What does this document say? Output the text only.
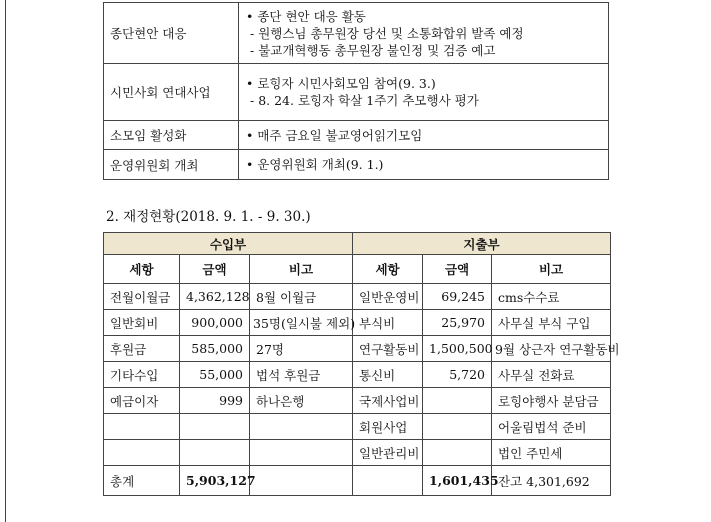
종단현안 대응	• 종단 현안 대응 활동
- 원행스님 총무원장 당선 및 소통화합위 발족 예정
- 불교개혁행동 총무원장 불인정 및 검증 예고

시민사회 연대사업	• 로힝자 시민사회모임 참여(9. 3.)
- 8. 24. 로힝자 학살 1주기 추모행사 평가

소모임 활성화	• 매주 금요일 불교영어읽기모임

운영위원회 개최	• 운영위원회 개최(9. 1.)
2. 재정현황(2018. 9. 1. - 9. 30.)
수입부			지출부		
세항	금액	비고	세항	금액	비고
전월이월금	4,362,128	8월 이월금	일반운영비	69,245	cms수수료
일반회비	900,000	35명(일시불 제외)	부식비	25,970	사무실 부식 구입
후원금	585,000	27명	연구활동비	1,500,500	9월 상근자 연구활동비
기타수입	55,000	법석 후원금	통신비	5,720	사무실 전화료
예금이자	999	하나은행	국제사업비		로힝야행사 분담금
			회원사업		어울림법석 준비
			일반관리비		법인 주민세
총계	5,903,127			1,601,435	잔고 4,301,692
